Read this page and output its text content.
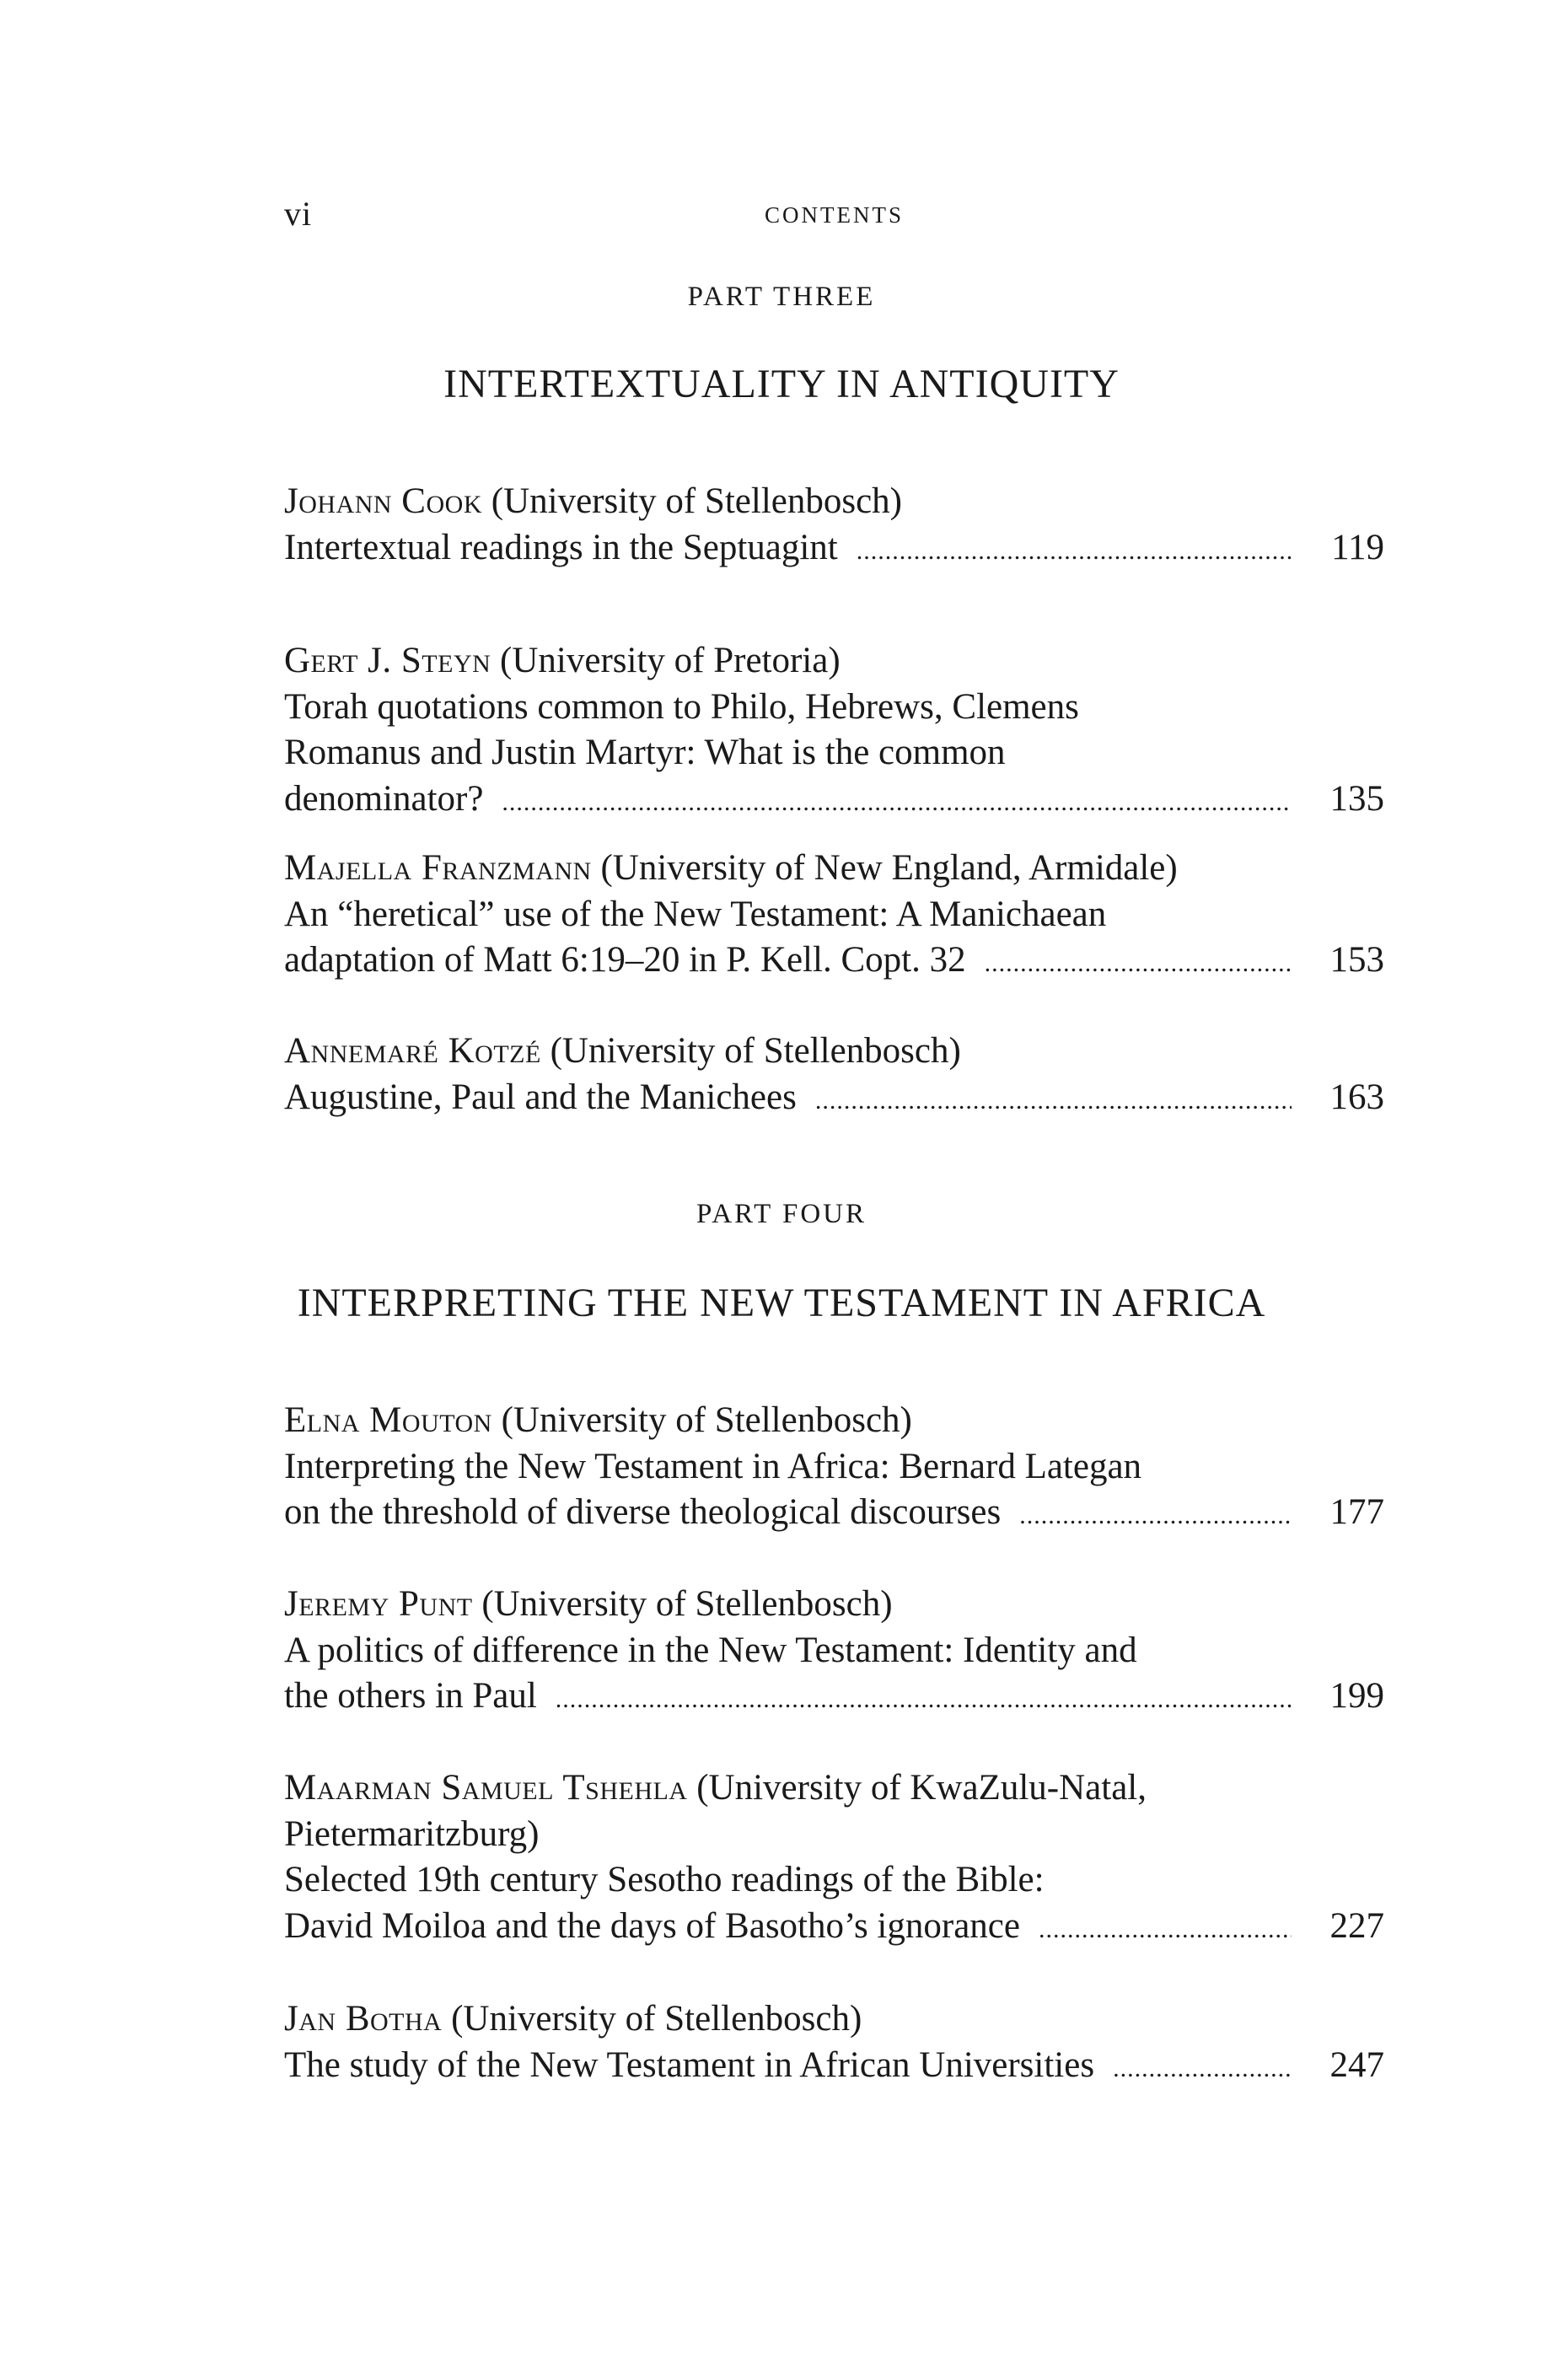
vi	CONTENTS
PART THREE
INTERTEXTUALITY IN ANTIQUITY
Johann Cook (University of Stellenbosch)
Intertextual readings in the Septuagint .....	119
Gert J. Steyn (University of Pretoria)
Torah quotations common to Philo, Hebrews, Clemens
Romanus and Justin Martyr: What is the common
denominator? .....	135
Majella Franzmann (University of New England, Armidale)
An “heretical” use of the New Testament: A Manichaean
adaptation of Matt 6:19–20 in P. Kell. Copt. 32 .....	153
Annemaré Kotzé (University of Stellenbosch)
Augustine, Paul and the Manichees .....	163
PART FOUR
INTERPRETING THE NEW TESTAMENT IN AFRICA
Elna Mouton (University of Stellenbosch)
Interpreting the New Testament in Africa: Bernard Lategan
on the threshold of diverse theological discourses .....	177
Jeremy Punt (University of Stellenbosch)
A politics of difference in the New Testament: Identity and
the others in Paul .....	199
Maarman Samuel Tshehla (University of KwaZulu-Natal,
Pietermaritzburg)
Selected 19th century Sesotho readings of the Bible:
David Moiloa and the days of Basotho’s ignorance .....	227
Jan Botha (University of Stellenbosch)
The study of the New Testament in African Universities .....	247
